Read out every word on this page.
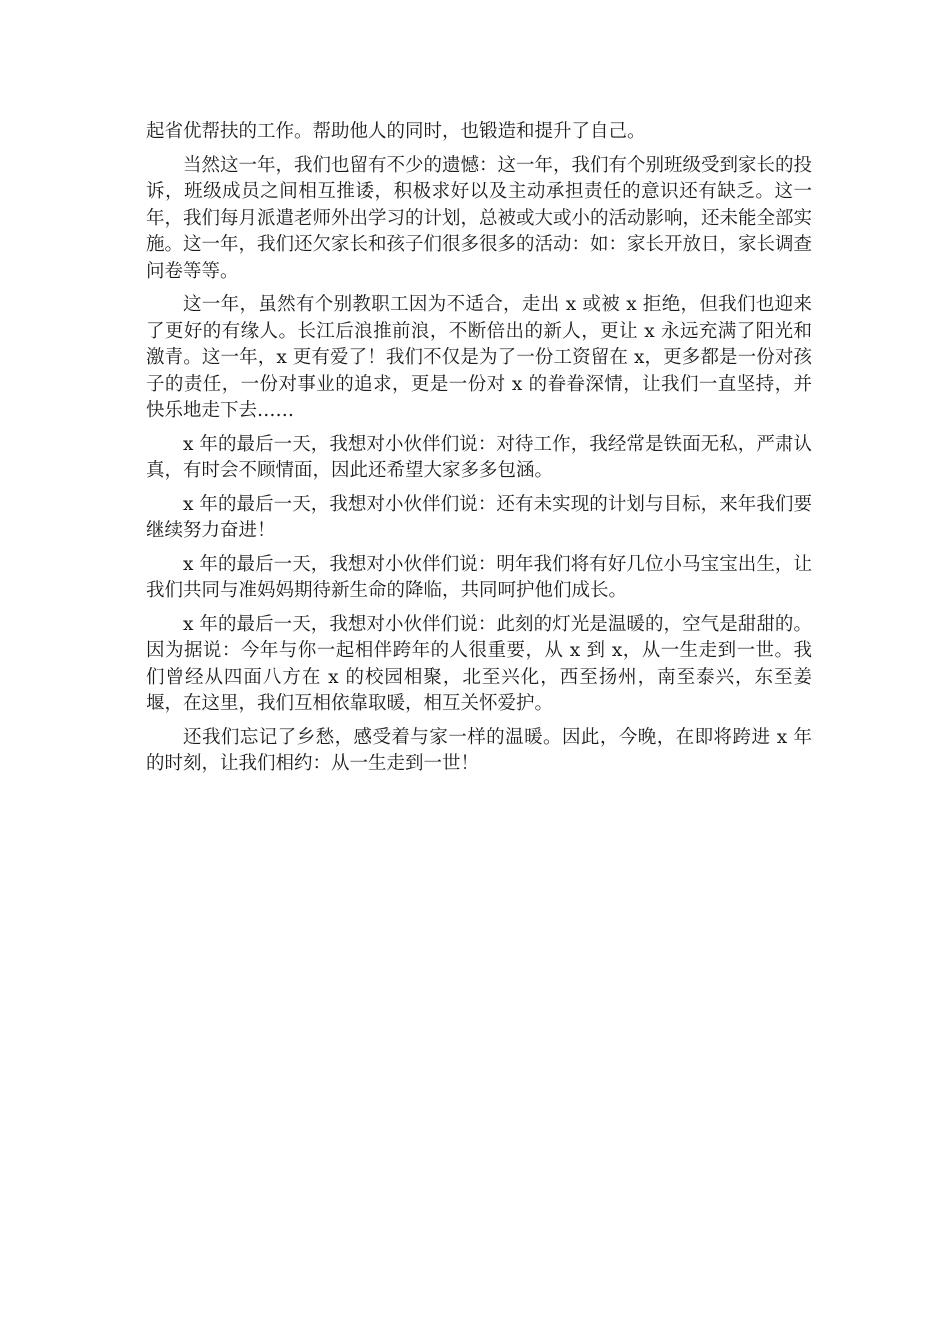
起省优帮扶的工作。帮助他人的同时，也锻造和提升了自己。

当然这一年，我们也留有不少的遗憾：这一年，我们有个别班级受到家长的投诉，班级成员之间相互推诿，积极求好以及主动承担责任的意识还有缺乏。这一年，我们每月派遣老师外出学习的计划，总被或大或小的活动影响，还未能全部实施。这一年，我们还欠家长和孩子们很多很多的活动：如：家长开放日，家长调查问卷等等。

这一年，虽然有个别教职工因为不适合，走出 x 或被 x 拒绝，但我们也迎来了更好的有缘人。长江后浪推前浪，不断倍出的新人，更让 x 永远充满了阳光和激青。这一年，x 更有爱了！我们不仅是为了一份工资留在 x，更多都是一份对孩子的责任，一份对事业的追求，更是一份对 x 的眷眷深情，让我们一直坚持，并快乐地走下去……

x 年的最后一天，我想对小伙伴们说：对待工作，我经常是铁面无私，严肃认真，有时会不顾情面，因此还希望大家多多包涵。

x 年的最后一天，我想对小伙伴们说：还有未实现的计划与目标，来年我们要继续努力奋进！

x 年的最后一天，我想对小伙伴们说：明年我们将有好几位小马宝宝出生，让我们共同与准妈妈期待新生命的降临，共同呵护他们成长。

x 年的最后一天，我想对小伙伴们说：此刻的灯光是温暖的，空气是甜甜的。因为据说：今年与你一起相伴跨年的人很重要，从 x 到 x，从一生走到一世。我们曾经从四面八方在 x 的校园相聚，北至兴化，西至扬州，南至泰兴，东至姜堰，在这里，我们互相依靠取暖，相互关怀爱护。

还我们忘记了乡愁，感受着与家一样的温暖。因此，今晚，在即将跨进 x 年的时刻，让我们相约：从一生走到一世！
